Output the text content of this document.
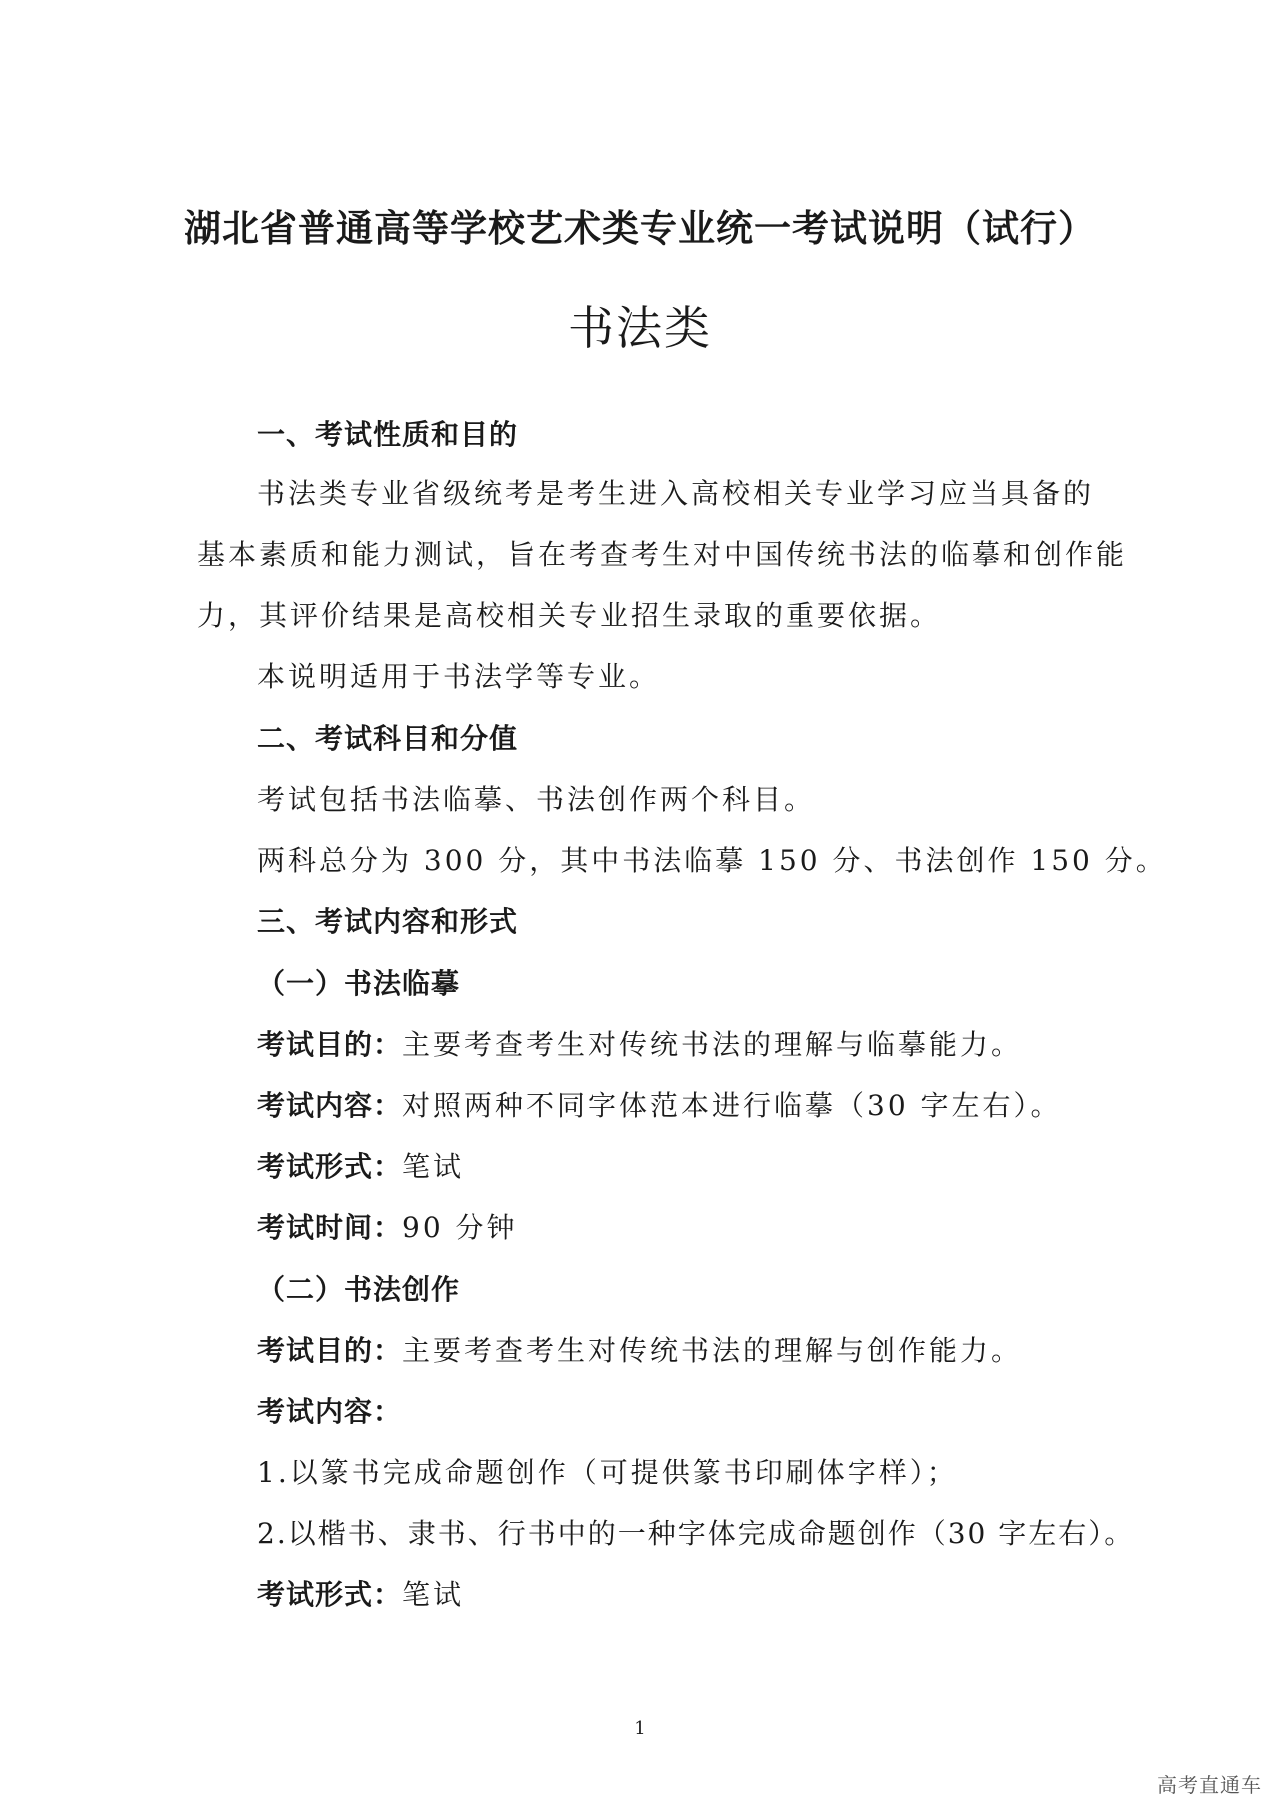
湖北省普通高等学校艺术类专业统一考试说明（试行）
书法类
一、考试性质和目的
书法类专业省级统考是考生进入高校相关专业学习应当具备的
基本素质和能力测试，旨在考查考生对中国传统书法的临摹和创作能
力，其评价结果是高校相关专业招生录取的重要依据。
本说明适用于书法学等专业。
二、考试科目和分值
考试包括书法临摹、书法创作两个科目。
两科总分为 300 分，其中书法临摹 150 分、书法创作 150 分。
三、考试内容和形式
（一）书法临摹
考试目的：主要考查考生对传统书法的理解与临摹能力。
考试内容：对照两种不同字体范本进行临摹（30 字左右）。
考试形式：笔试
考试时间：90 分钟
（二）书法创作
考试目的：主要考查考生对传统书法的理解与创作能力。
考试内容：
1.以篆书完成命题创作（可提供篆书印刷体字样）；
2.以楷书、隶书、行书中的一种字体完成命题创作（30 字左右）。
考试形式：笔试
1
高考直通车
